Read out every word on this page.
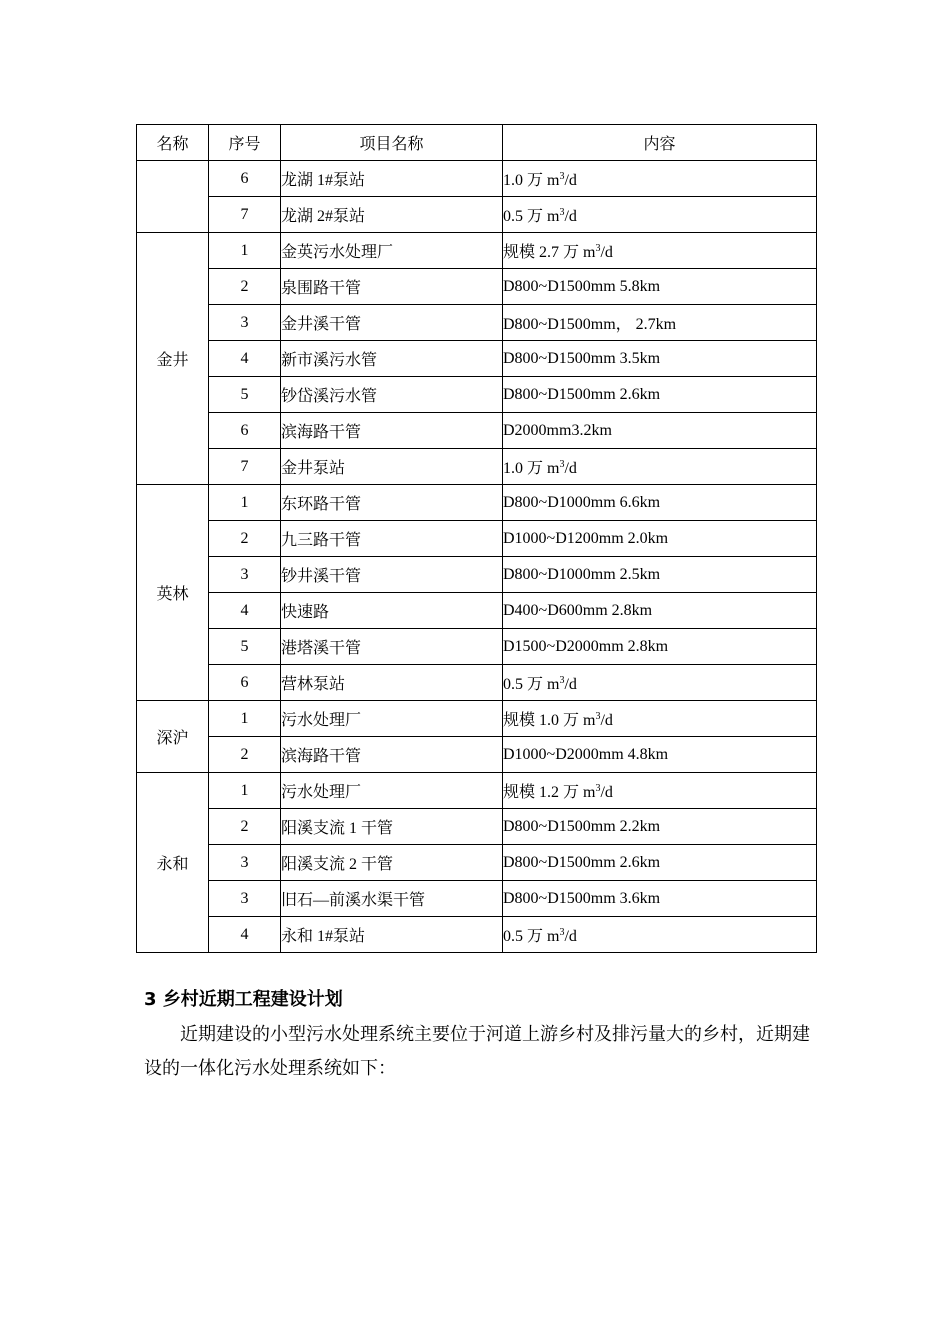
名称	序号	项目名称	内容
	6	龙湖 1#泵站	1.0 万 $m^3/d$
	7	龙湖 2#泵站	0.5 万 $m^3/d$
金井	1	金英污水处理厂	规模 2.7 万 $m^3/d$
	2	泉围路干管	D800~D1500mm 5.8km
	3	金井溪干管	D800~D1500mm， 2.7km
	4	新市溪污水管	D800~D1500mm 3.5km
	5	钞岱溪污水管	D800~D1500mm 2.6km
	6	滨海路干管	D2000mm3.2km
	7	金井泵站	1.0 万 $m^3/d$
英林	1	东环路干管	D800~D1000mm 6.6km
	2	九三路干管	D1000~D1200mm 2.0km
	3	钞井溪干管	D800~D1000mm 2.5km
	4	快速路	D400~D600mm 2.8km
	5	港塔溪干管	D1500~D2000mm 2.8km
	6	营林泵站	0.5 万 $m^3/d$
深沪	1	污水处理厂	规模 1.0 万 $m^3/d$
	2	滨海路干管	D1000~D2000mm 4.8km
永和	1	污水处理厂	规模 1.2 万 $m^3/d$
	2	阳溪支流 1 干管	D800~D1500mm 2.2km
	3	阳溪支流 2 干管	D800~D1500mm 2.6km
	3	旧石—前溪水渠干管	D800~D1500mm 3.6km
	4	永和 1#泵站	0.5 万 $m^3/d$
3 乡村近期工程建设计划

近期建设的小型污水处理系统主要位于河道上游乡村及排污量大的乡村，近期建设的一体化污水处理系统如下：
